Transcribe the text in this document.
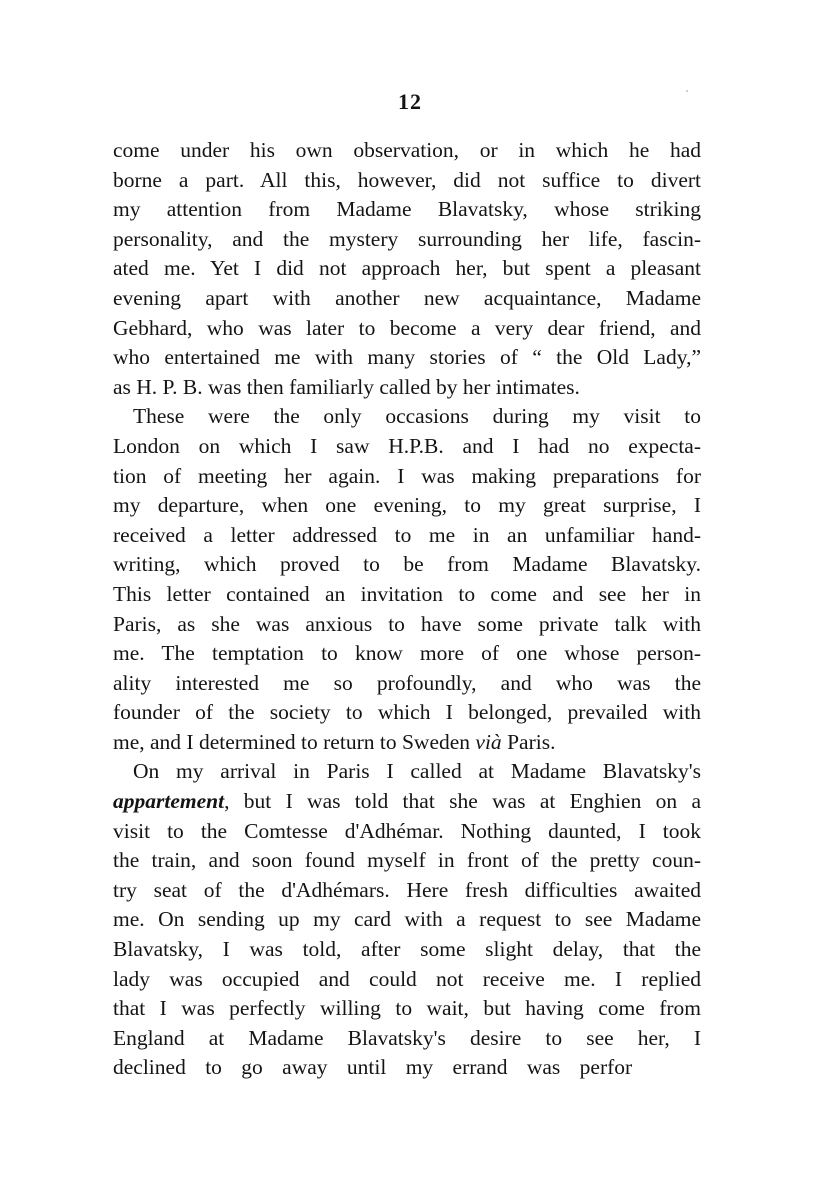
12
come under his own observation, or in which he had
borne a part. All this, however, did not suffice to divert
my attention from Madame Blavatsky, whose striking
personality, and the mystery surrounding her life, fascin-
ated me. Yet I did not approach her, but spent a pleasant
evening apart with another new acquaintance, Madame
Gebhard, who was later to become a very dear friend, and
who entertained me with many stories of “ the Old Lady,”
as H. P. B. was then familiarly called by her intimates.
These were the only occasions during my visit to
London on which I saw H.P.B. and I had no expecta-
tion of meeting her again. I was making preparations for
my departure, when one evening, to my great surprise, I
received a letter addressed to me in an unfamiliar hand-
writing, which proved to be from Madame Blavatsky.
This letter contained an invitation to come and see her in
Paris, as she was anxious to have some private talk with
me. The temptation to know more of one whose person-
ality interested me so profoundly, and who was the
founder of the society to which I belonged, prevailed with
me, and I determined to return to Sweden vià Paris.
On my arrival in Paris I called at Madame Blavatsky's
appartement, but I was told that she was at Enghien on a
visit to the Comtesse d'Adhémar. Nothing daunted, I took
the train, and soon found myself in front of the pretty coun-
try seat of the d'Adhémars. Here fresh difficulties awaited
me. On sending up my card with a request to see Madame
Blavatsky, I was told, after some slight delay, that the
lady was occupied and could not receive me. I replied
that I was perfectly willing to wait, but having come from
England at Madame Blavatsky's desire to see her, I
declined to go away until my errand was perfor
